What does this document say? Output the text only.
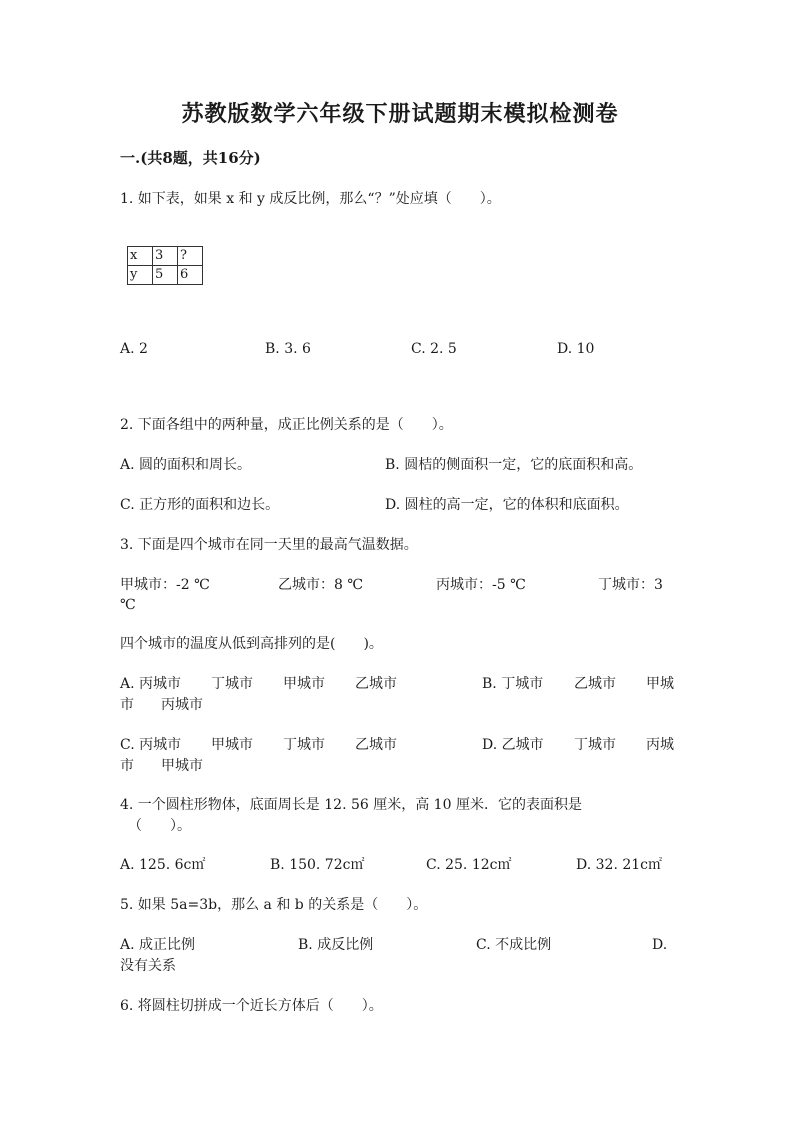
苏教版数学六年级下册试题期末模拟检测卷
一.(共8题，共16分)
1. 如下表，如果 x 和 y 成反比例，那么“？”处应填（　　）。
x	3	?
y	5	6
A. 2	B. 3. 6	C. 2. 5	D. 10
2. 下面各组中的两种量，成正比例关系的是（　　）。
A. 圆的面积和周长。	B. 圆桔的侧面积一定，它的底面积和高。
C. 正方形的面积和边长。	D. 圆柱的高一定，它的体积和底面积。
3. 下面是四个城市在同一天里的最高气温数据。
甲城市：-2 ℃	乙城市：8 ℃	丙城市：-5 ℃	丁城市：3
℃
四个城市的温度从低到高排列的是(　　)。
A. 丙城市 丁城市 甲城市 乙城市	B. 丁城市 乙城市 甲城
市 丙城市
C. 丙城市 甲城市 丁城市 乙城市	D. 乙城市 丁城市 丙城
市 甲城市
4. 一个圆柱形物体，底面周长是 12. 56 厘米，高 10 厘米．它的表面积是
（　　）。
A. 125. 6c㎡	B. 150. 72c㎡	C. 25. 12c㎡	D. 32. 21c㎡
5. 如果 5a=3b，那么 a 和 b 的关系是（　　）。
A. 成正比例	B. 成反比例	D.
没有关系
C. 不成比例
6. 将圆柱切拼成一个近长方体后（　　）。
